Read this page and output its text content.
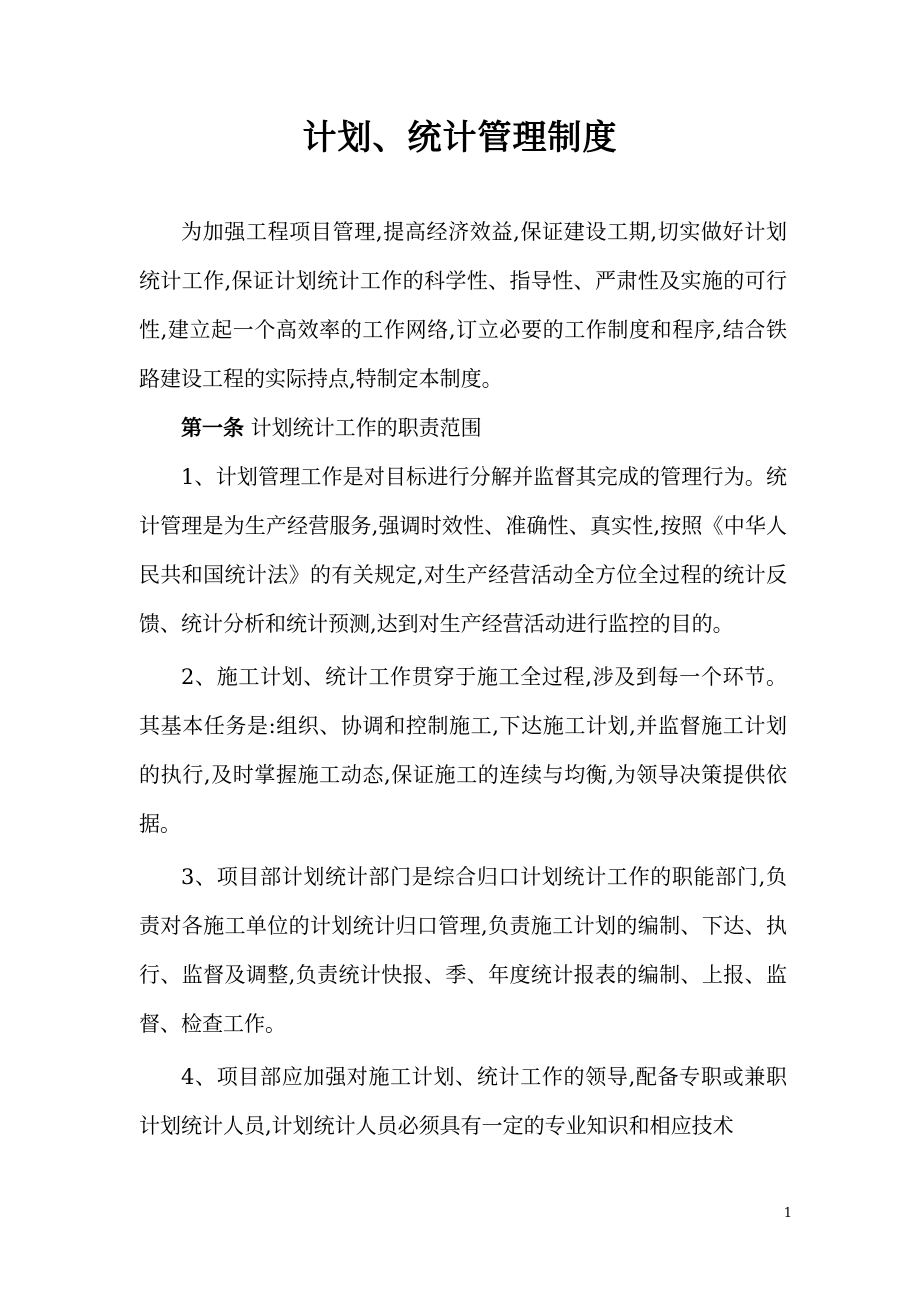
计划、统计管理制度

为加强工程项目管理,提高经济效益,保证建设工期,切实做好计划统计工作,保证计划统计工作的科学性、指导性、严肃性及实施的可行性,建立起一个高效率的工作网络,订立必要的工作制度和程序,结合铁路建设工程的实际持点,特制定本制度。

第一条 计划统计工作的职责范围

1、计划管理工作是对目标进行分解并监督其完成的管理行为。统计管理是为生产经营服务,强调时效性、准确性、真实性,按照《中华人民共和国统计法》的有关规定,对生产经营活动全方位全过程的统计反馈、统计分析和统计预测,达到对生产经营活动进行监控的目的。

2、施工计划、统计工作贯穿于施工全过程,涉及到每一个环节。其基本任务是:组织、协调和控制施工,下达施工计划,并监督施工计划的执行,及时掌握施工动态,保证施工的连续与均衡,为领导决策提供依据。

3、项目部计划统计部门是综合归口计划统计工作的职能部门,负责对各施工单位的计划统计归口管理,负责施工计划的编制、下达、执行、监督及调整,负责统计快报、季、年度统计报表的编制、上报、监督、检查工作。

4、项目部应加强对施工计划、统计工作的领导,配备专职或兼职计划统计人员,计划统计人员必须具有一定的专业知识和相应技术

1
